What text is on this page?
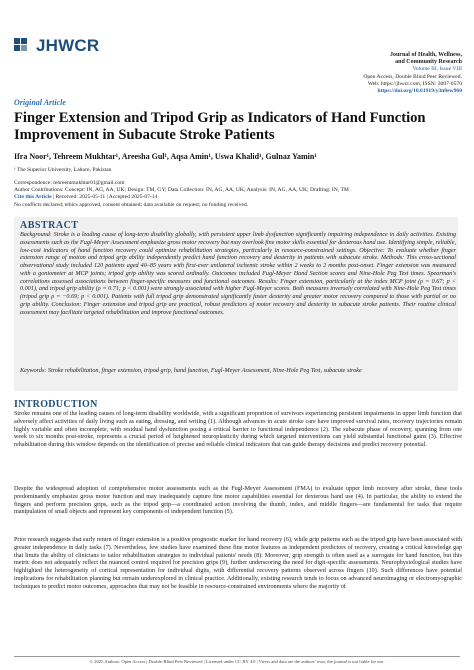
JHWCR	Journal of Health, Wellness,
and Community Research
Volume III, Issue VIII
Open Access, Double Blind Peer Reviewed.
Web: https://jhwcr.com, ISSN: 3007-0570
https://doi.org/10.61919/y3n8ew960
Original Article
Finger Extension and Tripod Grip as Indicators of Hand Function Improvement in Subacute Stroke Patients
Ifra Noor¹, Tehreem Mukhtar¹, Areesha Gul¹, Aqsa Amin¹, Uswa Khalid¹, Gulnaz Yamin¹
¹ The Superior University, Lahore, Pakistan
Correspondence: tehreemmukhtar01@gmail.com
Author Contributions: Concept: IN, AG, AA, UK; Design: TM, GY; Data Collection: IN, AG, AA, UK; Analysis: IN, AG, AA, UK; Drafting: IN, TM
Cite this Article | Received: 2025-05-11 | Accepted 2025-07-14
No conflicts declared; ethics approved, consent obtained; data available on request; no funding received.
ABSTRACT
Background: Stroke is a leading cause of long-term disability globally, with persistent upper limb dysfunction significantly impairing independence in daily activities. Existing assessments such as the Fugl-Meyer Assessment emphasize gross motor recovery but may overlook fine motor skills essential for dexterous hand use. Identifying simple, reliable, low-cost indicators of hand function recovery could optimize rehabilitation strategies, particularly in resource-constrained settings. Objective: To evaluate whether finger extension range of motion and tripod grip ability independently predict hand function recovery and dexterity in patients with subacute stroke. Methods: This cross-sectional observational study included 120 patients aged 40–85 years with first-ever unilateral ischemic stroke within 2 weeks to 2 months post-onset. Finger extension was measured with a goniometer at MCP joints; tripod grip ability was scored ordinally. Outcomes included Fugl-Meyer Hand Section scores and Nine-Hole Peg Test times. Spearman's correlations assessed associations between finger-specific measures and functional outcomes. Results: Finger extension, particularly at the index MCP joint (ρ = 0.67; p < 0.001), and tripod grip ability (ρ = 0.71; p < 0.001) were strongly associated with higher Fugl-Meyer scores. Both measures inversely correlated with Nine-Hole Peg Test times (tripod grip ρ = −0.69; p < 0.001). Patients with full tripod grip demonstrated significantly faster dexterity and greater motor recovery compared to those with partial or no grip ability. Conclusion: Finger extension and tripod grip are practical, robust predictors of motor recovery and dexterity in subacute stroke patients. Their routine clinical assessment may facilitate targeted rehabilitation and improve functional outcomes.
Keywords: Stroke rehabilitation, finger extension, tripod grip, hand function, Fugl-Meyer Assessment, Nine-Hole Peg Test, subacute stroke
INTRODUCTION
Stroke remains one of the leading causes of long-term disability worldwide, with a significant proportion of survivors experiencing persistent impairments in upper limb function that adversely affect activities of daily living such as eating, dressing, and writing (1). Although advances in acute stroke care have improved survival rates, recovery trajectories remain highly variable and often incomplete, with residual hand dysfunction posing a critical barrier to functional independence (2). The subacute phase of recovery, spanning from one week to six months post-stroke, represents a crucial period of heightened neuroplasticity during which targeted interventions can yield substantial functional gains (3). Effective rehabilitation during this window depends on the identification of precise and reliable clinical indicators that can guide therapy decisions and predict recovery potential.
Despite the widespread adoption of comprehensive motor assessments such as the Fugl-Meyer Assessment (FMA) to evaluate upper limb recovery after stroke, these tools predominantly emphasize gross motor function and may inadequately capture fine motor capabilities essential for dexterous hand use (4). In particular, the ability to extend the fingers and perform precision grips, such as the tripod grip—a coordinated action involving the thumb, index, and middle fingers—are fundamental for tasks that require manipulation of small objects and represent key components of independent function (5).
Prior research suggests that early return of finger extension is a positive prognostic marker for hand recovery (6), while grip patterns such as the tripod grip have been associated with greater independence in daily tasks (7). Nevertheless, few studies have examined these fine motor features as independent predictors of recovery, creating a critical knowledge gap that limits the ability of clinicians to tailor rehabilitation strategies to individual patients' needs (8). Moreover, grip strength is often used as a surrogate for hand function, but this metric does not adequately reflect the nuanced control required for precision grips (9), further underscoring the need for digit-specific assessments. Neurophysiological studies have highlighted the heterogeneity of cortical representation for individual digits, with differential recovery patterns observed across fingers (10). Such differences have potential implications for rehabilitation planning but remain underexplored in clinical practice. Additionally, existing research tends to focus on advanced neuroimaging or electromyographic techniques to predict motor outcomes, approaches that may not be feasible in resource-constrained environments where the majority of
© 2025 Authors. Open Access | Double-Blind Peer Reviewed | Licensed under CC BY 4.0 | Views and data are the authors' own; the journal is not liable for use.
